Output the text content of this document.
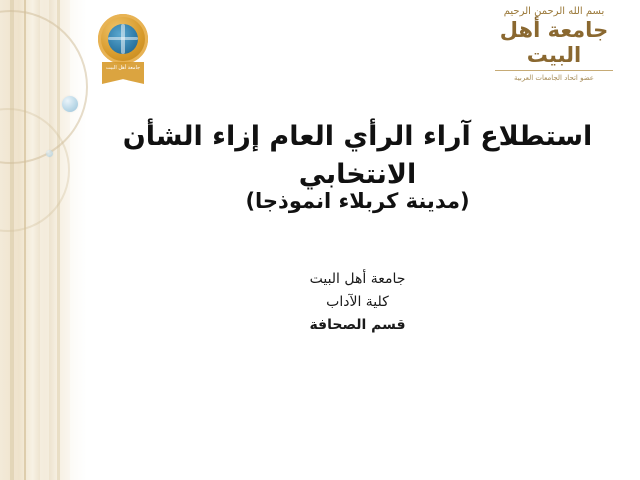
جامعة أهل البيت
بسم الله الرحمن الرحيم
جامعة أهل البيت
عضو اتحاد الجامعات العربية
استطلاع آراء الرأي العام إزاء الشأن الانتخابي
(مدينة كربلاء انموذجا)
جامعة أهل البيت
كلية الآداب
قسم الصحافة
